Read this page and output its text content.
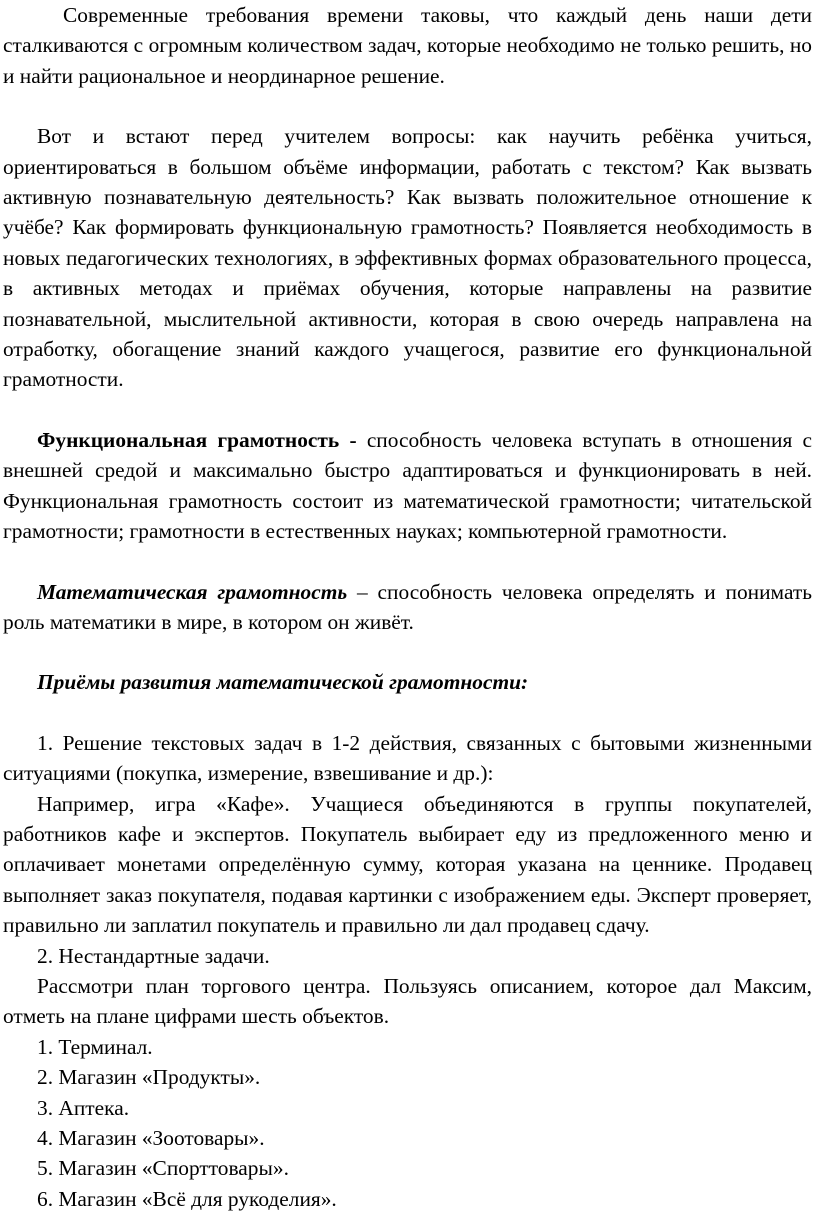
Современные требования времени таковы, что каждый день наши дети сталкиваются с огромным количеством задач, которые необходимо не только решить, но и найти рациональное и неординарное решение.

Вот и встают перед учителем вопросы: как научить ребёнка учиться, ориентироваться в большом объёме информации, работать с текстом? Как вызвать активную познавательную деятельность? Как вызвать положительное отношение к учёбе? Как формировать функциональную грамотность? Появляется необходимость в новых педагогических технологиях, в эффективных формах образовательного процесса, в активных методах и приёмах обучения, которые направлены на развитие познавательной, мыслительной активности, которая в свою очередь направлена на отработку, обогащение знаний каждого учащегося, развитие его функциональной грамотности.

Функциональная грамотность - способность человека вступать в отношения с внешней средой и максимально быстро адаптироваться и функционировать в ней. Функциональная грамотность состоит из математической грамотности; читательской грамотности; грамотности в естественных науках; компьютерной грамотности.

Математическая грамотность – способность человека определять и понимать роль математики в мире, в котором он живёт.

Приёмы развития математической грамотности:

1. Решение текстовых задач в 1-2 действия, связанных с бытовыми жизненными ситуациями (покупка, измерение, взвешивание и др.):

Например, игра «Кафе». Учащиеся объединяются в группы покупателей, работников кафе и экспертов. Покупатель выбирает еду из предложенного меню и оплачивает монетами определённую сумму, которая указана на ценнике. Продавец выполняет заказ покупателя, подавая картинки с изображением еды. Эксперт проверяет, правильно ли заплатил покупатель и правильно ли дал продавец сдачу.

2. Нестандартные задачи.

Рассмотри план торгового центра. Пользуясь описанием, которое дал Максим, отметь на плане цифрами шесть объектов.

1. Терминал.

2. Магазин «Продукты».

3. Аптека.

4. Магазин «Зоотовары».

5. Магазин «Спорттовары».

6. Магазин «Всё для рукоделия».
